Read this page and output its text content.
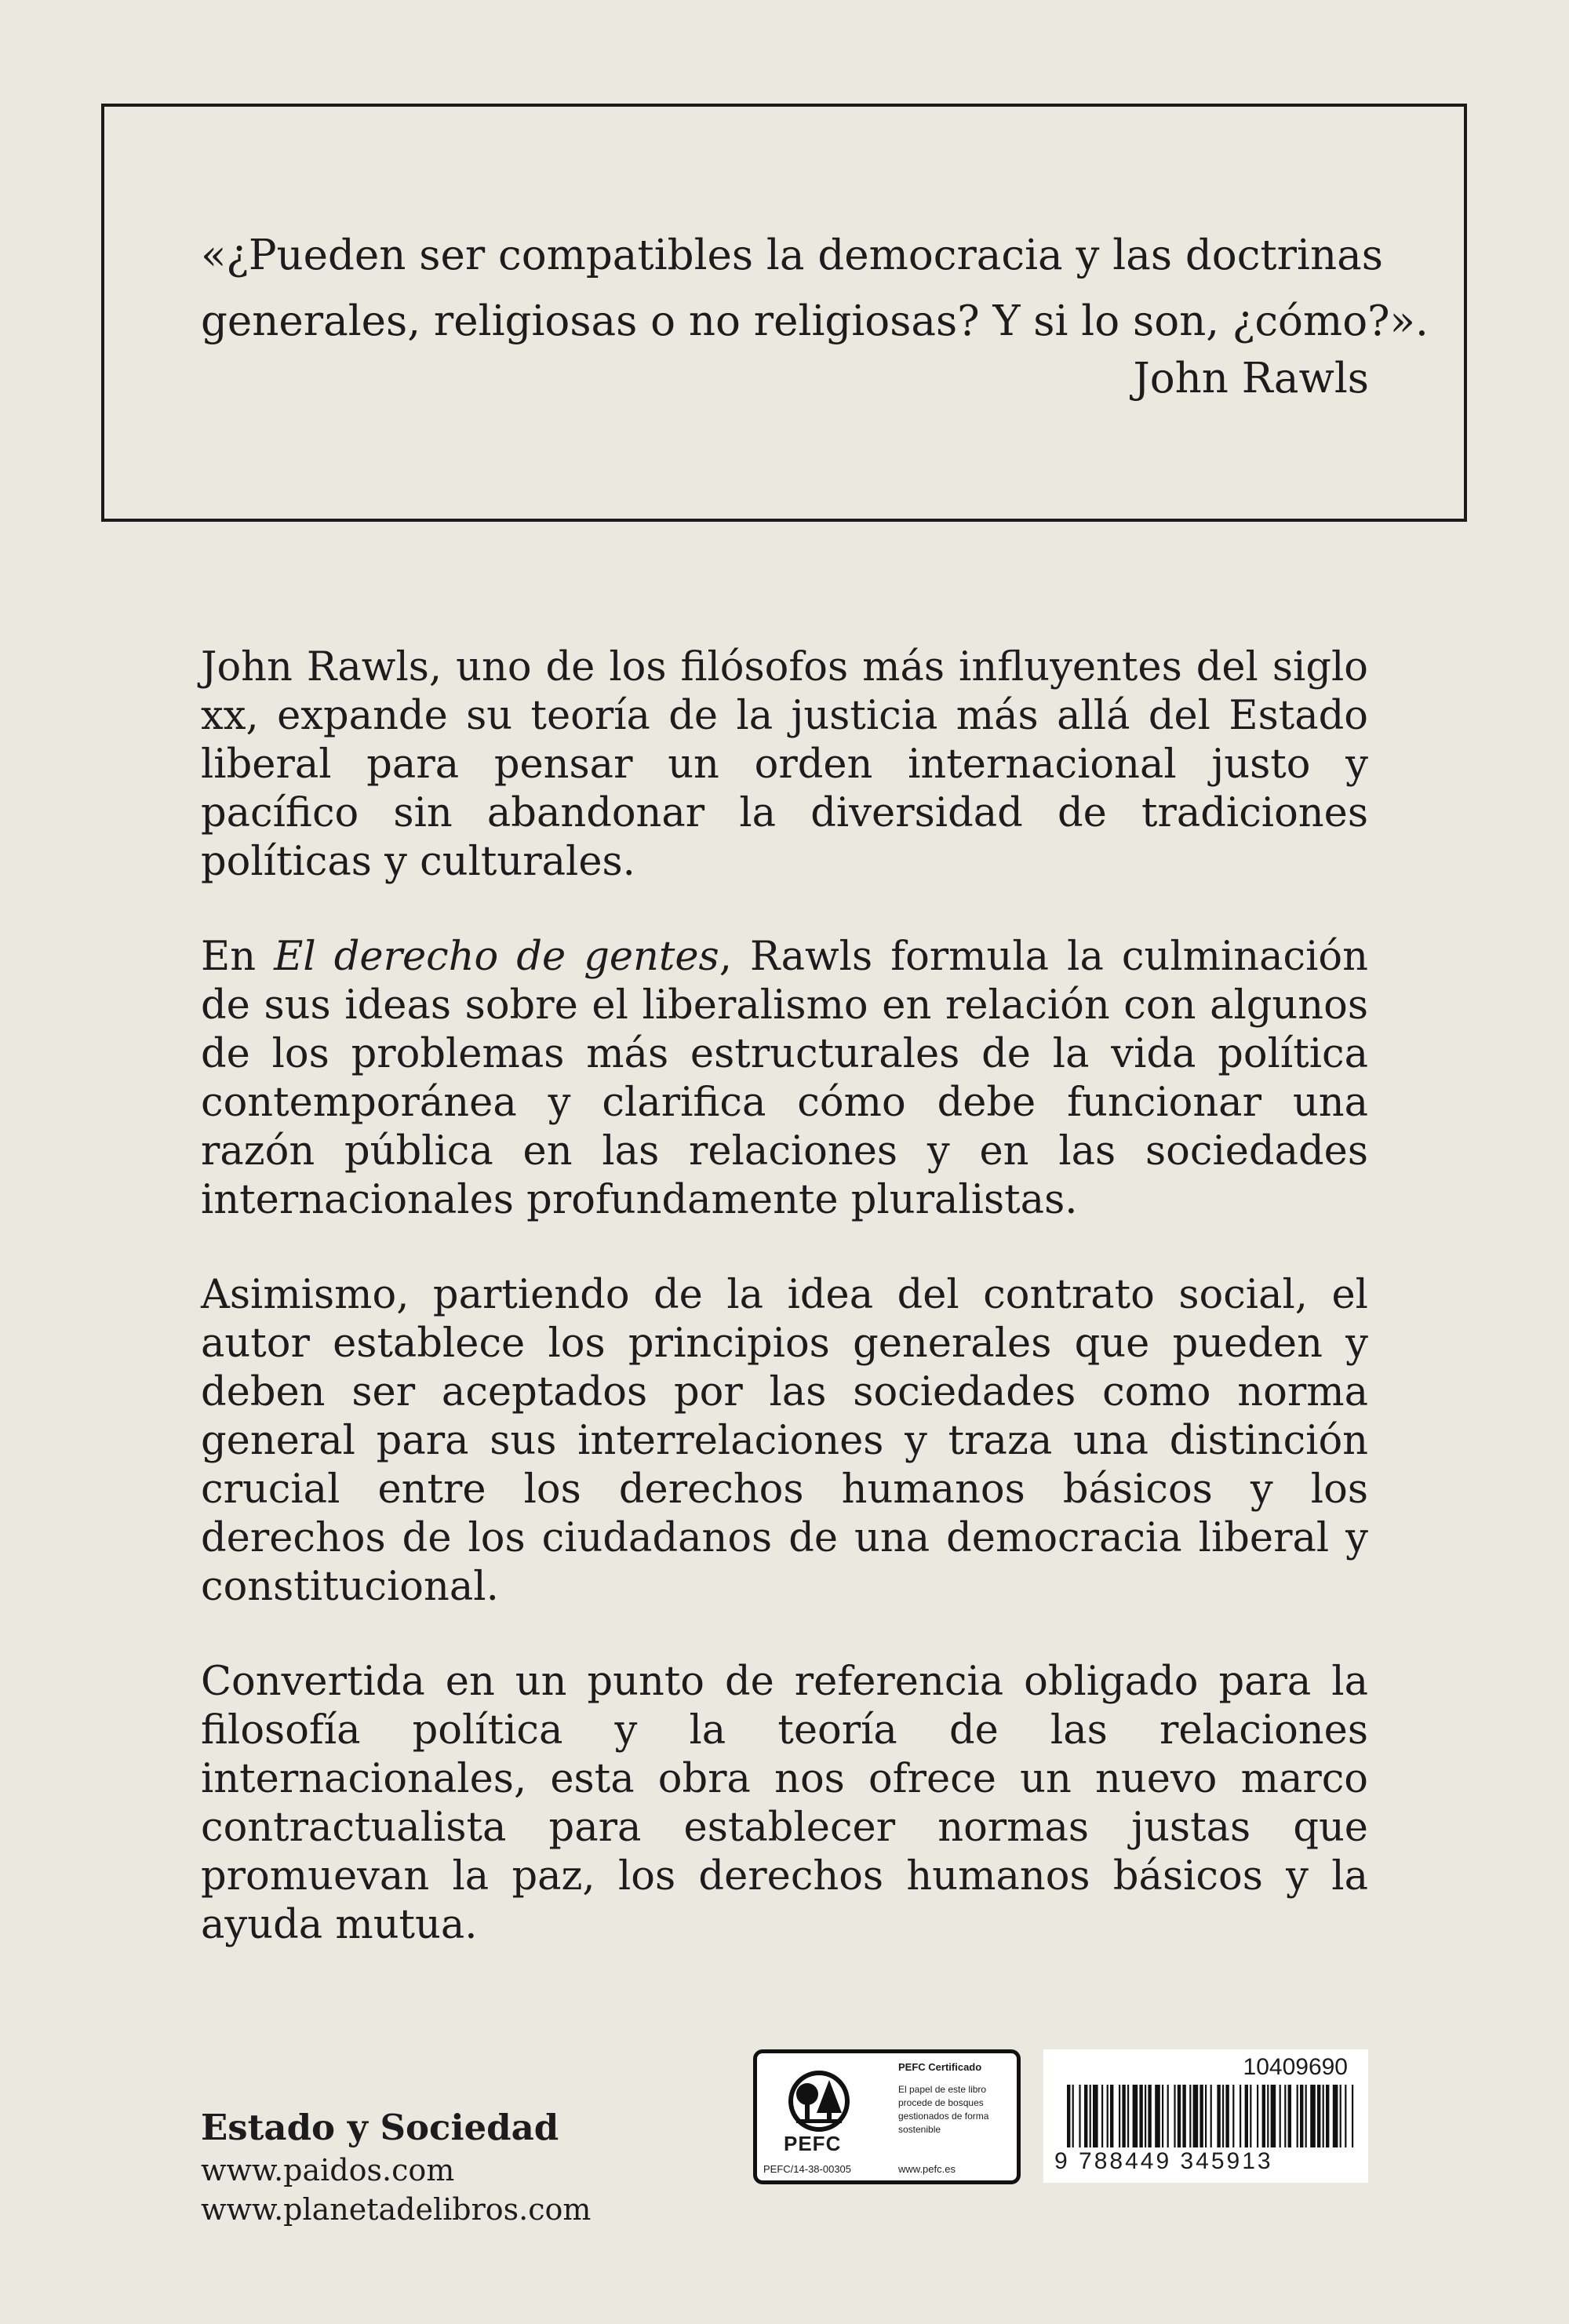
«¿Pueden ser compatibles la democracia y las doctrinas generales, religiosas o no religiosas? Y si lo son, ¿cómo?».

John Rawls

John Rawls, uno de los filósofos más influyentes del siglo xx, expande su teoría de la justicia más allá del Estado liberal para pensar un orden internacional justo y pacífico sin abandonar la diversidad de tradiciones políticas y culturales.

En El derecho de gentes, Rawls formula la culminación de sus ideas sobre el liberalismo en relación con algunos de los problemas más estructurales de la vida política contemporánea y clarifica cómo debe funcionar una razón pública en las relaciones y en las sociedades internacionales profundamente pluralistas.

Asimismo, partiendo de la idea del contrato social, el autor establece los principios generales que pueden y deben ser aceptados por las sociedades como norma general para sus interrelaciones y traza una distinción crucial entre los derechos humanos básicos y los derechos de los ciudadanos de una democracia liberal y constitucional.

Convertida en un punto de referencia obligado para la filosofía política y la teoría de las relaciones internacionales, esta obra nos ofrece un nuevo marco contractualista para establecer normas justas que promuevan la paz, los derechos humanos básicos y la ayuda mutua.

Estado y Sociedad

www.paidos.com

www.planetadelibros.com

PEFC

PEFC/14-38-00305

PEFC Certificado

El papel de este libro procede de bosques gestionados de forma sostenible

www.pefc.es

10409690

9 788449 345913
